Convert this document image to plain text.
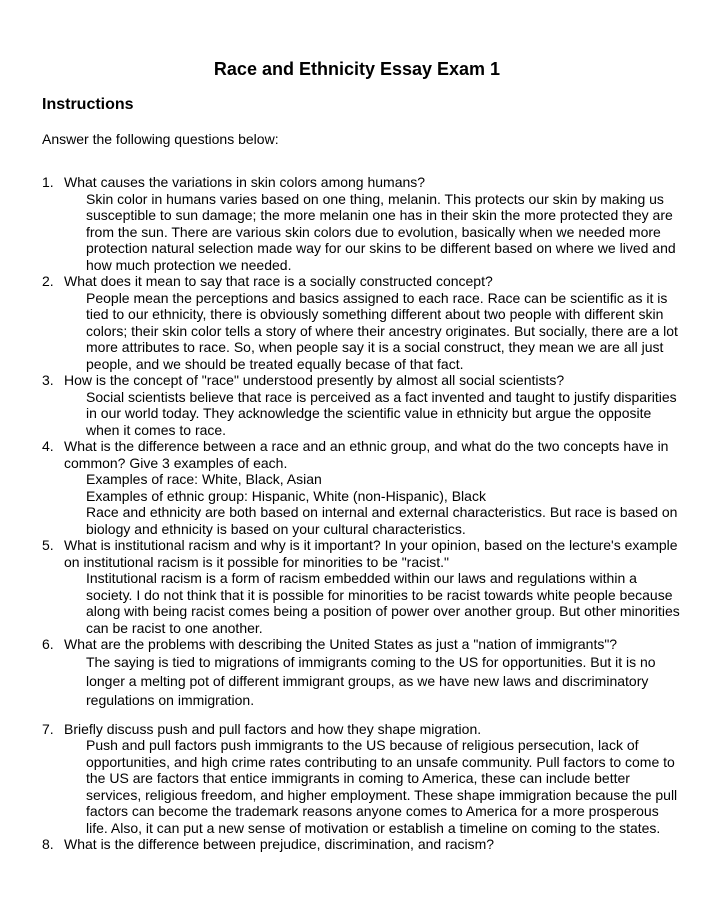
Race and Ethnicity Essay Exam 1
Instructions
Answer the following questions below:
1. What causes the variations in skin colors among humans?
Skin color in humans varies based on one thing, melanin. This protects our skin by making us susceptible to sun damage; the more melanin one has in their skin the more protected they are from the sun. There are various skin colors due to evolution, basically when we needed more protection natural selection made way for our skins to be different based on where we lived and how much protection we needed.
2. What does it mean to say that race is a socially constructed concept?
People mean the perceptions and basics assigned to each race. Race can be scientific as it is tied to our ethnicity, there is obviously something different about two people with different skin colors; their skin color tells a story of where their ancestry originates. But socially, there are a lot more attributes to race. So, when people say it is a social construct, they mean we are all just people, and we should be treated equally becase of that fact.
3. How is the concept of "race" understood presently by almost all social scientists?
Social scientists believe that race is perceived as a fact invented and taught to justify disparities in our world today. They acknowledge the scientific value in ethnicity but argue the opposite when it comes to race.
4. What is the difference between a race and an ethnic group, and what do the two concepts have in common? Give 3 examples of each.
Examples of race: White, Black, Asian
Examples of ethnic group: Hispanic, White (non-Hispanic), Black
Race and ethnicity are both based on internal and external characteristics. But race is based on biology and ethnicity is based on your cultural characteristics.
5. What is institutional racism and why is it important? In your opinion, based on the lecture's example on institutional racism is it possible for minorities to be "racist."
Institutional racism is a form of racism embedded within our laws and regulations within a society. I do not think that it is possible for minorities to be racist towards white people because along with being racist comes being a position of power over another group. But other minorities can be racist to one another.
6. What are the problems with describing the United States as just a "nation of immigrants"?
The saying is tied to migrations of immigrants coming to the US for opportunities. But it is no longer a melting pot of different immigrant groups, as we have new laws and discriminatory regulations on immigration.
7. Briefly discuss push and pull factors and how they shape migration.
Push and pull factors push immigrants to the US because of religious persecution, lack of opportunities, and high crime rates contributing to an unsafe community. Pull factors to come to the US are factors that entice immigrants in coming to America, these can include better services, religious freedom, and higher employment. These shape immigration because the pull factors can become the trademark reasons anyone comes to America for a more prosperous life. Also, it can put a new sense of motivation or establish a timeline on coming to the states.
8. What is the difference between prejudice, discrimination, and racism?
